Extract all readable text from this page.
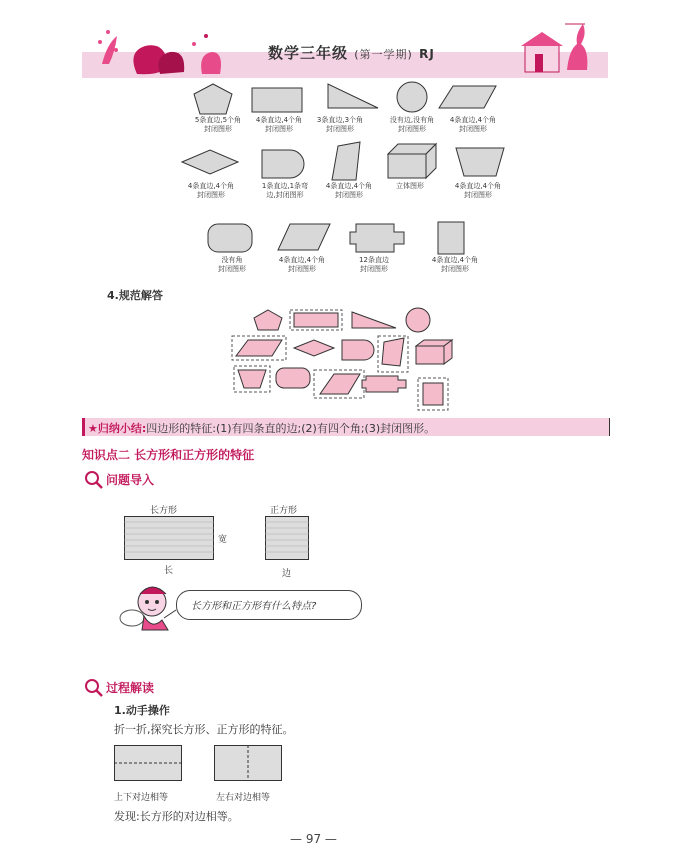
数学三年级 (第一学期) RJ
5条直边,5个角
封闭图形
4条直边,4个角
封闭图形
3条直边,3个角
封闭图形
没有边,没有角
封闭图形
4条直边,4个角
封闭图形
4条直边,4个角
封闭图形
1条直边,1条弯
边,封闭图形
4条直边,4个角
封闭图形
立体图形	4条直边,4个角
封闭图形
没有角
封闭图形
4条直边,4个角
封闭图形
12条直边
封闭图形
4条直边,4个角
封闭图形
4.规范解答
★归纳小结:四边形的特征:(1)有四条直的边;(2)有四个角;(3)封闭图形。
知识点二 长方形和正方形的特征
问题导入
长方形	正方形
宽
长	边
长方形和正方形有什么特点?
过程解读
1.动手操作
折一折,探究长方形、正方形的特征。
上下对边相等	左右对边相等
发现:长方形的对边相等。
— 97 —
